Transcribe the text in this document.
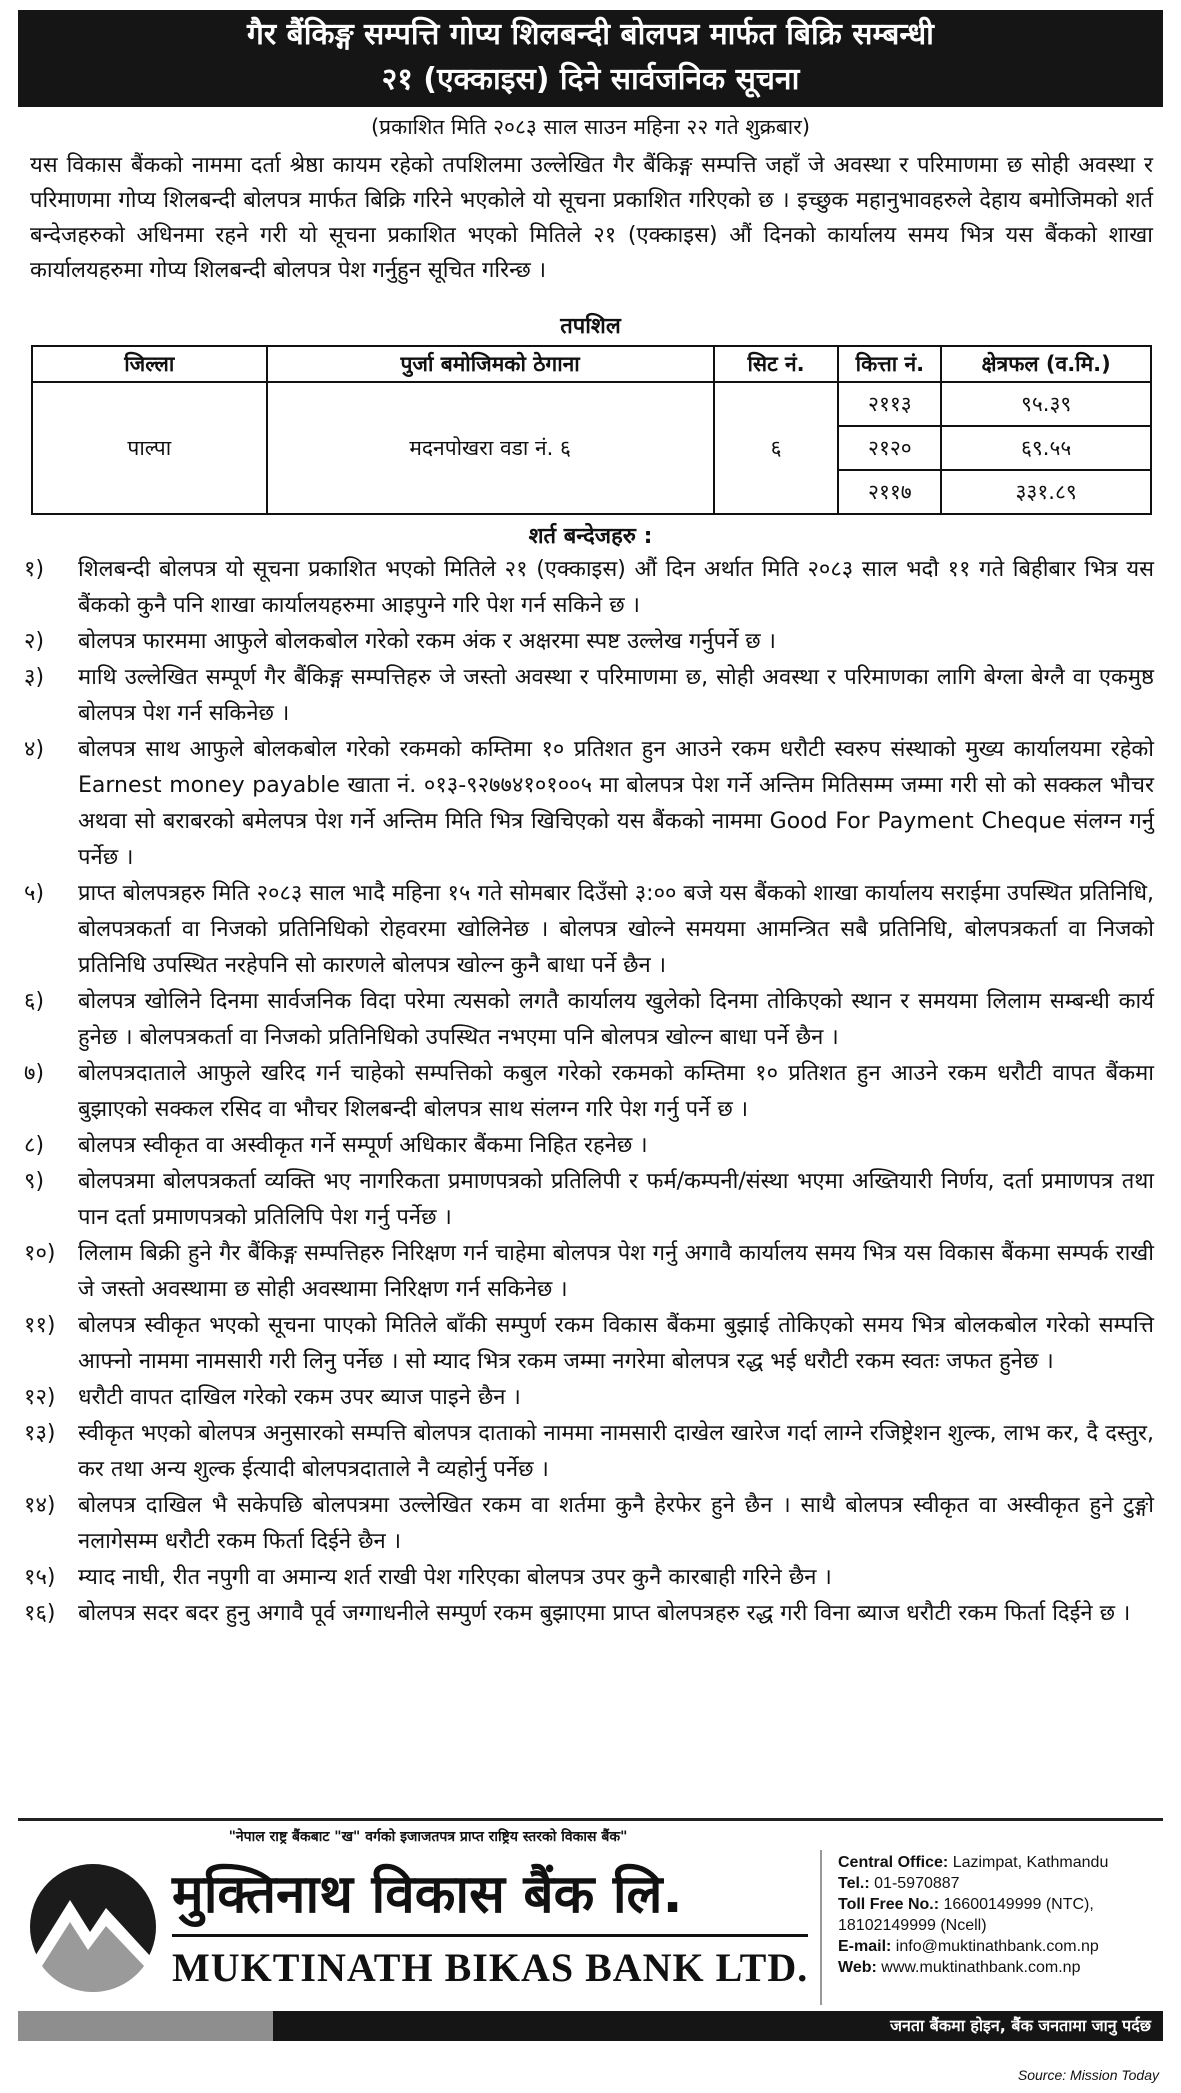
गैर बैंकिङ्ग सम्पत्ति गोप्य शिलबन्दी बोलपत्र मार्फत बिक्रि सम्बन्धी
२१ (एक्काइस) दिने सार्वजनिक सूचना
(प्रकाशित मिति २०८३ साल साउन महिना २२ गते शुक्रबार)

यस विकास बैंकको नाममा दर्ता श्रेष्ठा कायम रहेको तपशिलमा उल्लेखित गैर बैंकिङ्ग सम्पत्ति जहाँ जे अवस्था र परिमाणमा छ सोही अवस्था र परिमाणमा गोप्य शिलबन्दी बोलपत्र मार्फत बिक्रि गरिने भएकोले यो सूचना प्रकाशित गरिएको छ । इच्छुक महानुभावहरुले देहाय बमोजिमको शर्त बन्देजहरुको अधिनमा रहने गरी यो सूचना प्रकाशित भएको मितिले २१ (एक्काइस) औं दिनको कार्यालय समय भित्र यस बैंकको शाखा कार्यालयहरुमा गोप्य शिलबन्दी बोलपत्र पेश गर्नुहुन सूचित गरिन्छ ।

तपशिल
जिल्ला	पुर्जा बमोजिमको ठेगाना	सिट नं.	कित्ता नं.	क्षेत्रफल (व.मि.)
पाल्पा	मदनपोखरा वडा नं. ६	६	२११३	९५.३९
			२१२०	६९.५५
			२११७	३३१.८९
शर्त बन्देजहरु :
१)	शिलबन्दी बोलपत्र यो सूचना प्रकाशित भएको मितिले २१ (एक्काइस) औं दिन अर्थात मिति २०८३ साल भदौ ११ गते बिहीबार भित्र यस बैंकको कुनै पनि शाखा कार्यालयहरुमा आइपुग्ने गरि पेश गर्न सकिने छ ।
२)	बोलपत्र फारममा आफुले बोलकबोल गरेको रकम अंक र अक्षरमा स्पष्ट उल्लेख गर्नुपर्ने छ ।
३)	माथि उल्लेखित सम्पूर्ण गैर बैंकिङ्ग सम्पत्तिहरु जे जस्तो अवस्था र परिमाणमा छ, सोही अवस्था र परिमाणका लागि बेग्ला बेग्लै वा एकमुष्ठ बोलपत्र पेश गर्न सकिनेछ ।
४)	बोलपत्र साथ आफुले बोलकबोल गरेको रकमको कम्तिमा १० प्रतिशत हुन आउने रकम धरौटी स्वरुप संस्थाको मुख्य कार्यालयमा रहेको Earnest money payable खाता नं. ०१३-९२७७४१०१००५ मा बोलपत्र पेश गर्ने अन्तिम मितिसम्म जम्मा गरी सो को सक्कल भौचर अथवा सो बराबरको बमेलपत्र पेश गर्ने अन्तिम मिति भित्र खिचिएको यस बैंकको नाममा Good For Payment Cheque संलग्न गर्नु पर्नेछ ।
५)	प्राप्त बोलपत्रहरु मिति २०८३ साल भादै महिना १५ गते सोमबार दिउँसो ३:०० बजे यस बैंकको शाखा कार्यालय सराईमा उपस्थित प्रतिनिधि, बोलपत्रकर्ता वा निजको प्रतिनिधिको रोहवरमा खोलिनेछ । बोलपत्र खोल्ने समयमा आमन्त्रित सबै प्रतिनिधि, बोलपत्रकर्ता वा निजको प्रतिनिधि उपस्थित नरहेपनि सो कारणले बोलपत्र खोल्न कुनै बाधा पर्ने छैन ।
६)	बोलपत्र खोलिने दिनमा सार्वजनिक विदा परेमा त्यसको लगतै कार्यालय खुलेको दिनमा तोकिएको स्थान र समयमा लिलाम सम्बन्धी कार्य हुनेछ । बोलपत्रकर्ता वा निजको प्रतिनिधिको उपस्थित नभएमा पनि बोलपत्र खोल्न बाधा पर्ने छैन ।
७)	बोलपत्रदाताले आफुले खरिद गर्न चाहेको सम्पत्तिको कबुल गरेको रकमको कम्तिमा १० प्रतिशत हुन आउने रकम धरौटी वापत बैंकमा बुझाएको सक्कल रसिद वा भौचर शिलबन्दी बोलपत्र साथ संलग्न गरि पेश गर्नु पर्ने छ ।
८)	बोलपत्र स्वीकृत वा अस्वीकृत गर्ने सम्पूर्ण अधिकार बैंकमा निहित रहनेछ ।
९)	बोलपत्रमा बोलपत्रकर्ता व्यक्ति भए नागरिकता प्रमाणपत्रको प्रतिलिपी र फर्म/कम्पनी/संस्था भएमा अख्तियारी निर्णय, दर्ता प्रमाणपत्र तथा पान दर्ता प्रमाणपत्रको प्रतिलिपि पेश गर्नु पर्नेछ ।
१०)	लिलाम बिक्री हुने गैर बैंकिङ्ग सम्पत्तिहरु निरिक्षण गर्न चाहेमा बोलपत्र पेश गर्नु अगावै कार्यालय समय भित्र यस विकास बैंकमा सम्पर्क राखी जे जस्तो अवस्थामा छ सोही अवस्थामा निरिक्षण गर्न सकिनेछ ।
११)	बोलपत्र स्वीकृत भएको सूचना पाएको मितिले बाँकी सम्पुर्ण रकम विकास बैंकमा बुझाई तोकिएको समय भित्र बोलकबोल गरेको सम्पत्ति आफ्नो नाममा नामसारी गरी लिनु पर्नेछ । सो म्याद भित्र रकम जम्मा नगरेमा बोलपत्र रद्ध भई धरौटी रकम स्वतः जफत हुनेछ ।
१२)	धरौटी वापत दाखिल गरेको रकम उपर ब्याज पाइने छैन ।
१३)	स्वीकृत भएको बोलपत्र अनुसारको सम्पत्ति बोलपत्र दाताको नाममा नामसारी दाखेल खारेज गर्दा लाग्ने रजिष्ट्रेशन शुल्क, लाभ कर, दै दस्तुर, कर तथा अन्य शुल्क ईत्यादी बोलपत्रदाताले नै व्यहोर्नु पर्नेछ ।
१४)	बोलपत्र दाखिल भै सकेपछि बोलपत्रमा उल्लेखित रकम वा शर्तमा कुनै हेरफेर हुने छैन । साथै बोलपत्र स्वीकृत वा अस्वीकृत हुने टुङ्गो नलागेसम्म धरौटी रकम फिर्ता दिईने छैन ।
१५)	म्याद नाघी, रीत नपुगी वा अमान्य शर्त राखी पेश गरिएका बोलपत्र उपर कुनै कारबाही गरिने छैन ।
१६)	बोलपत्र सदर बदर हुनु अगावै पूर्व जग्गाधनीले सम्पुर्ण रकम बुझाएमा प्राप्त बोलपत्रहरु रद्ध गरी विना ब्याज धरौटी रकम फिर्ता दिईने छ ।
"नेपाल राष्ट्र बैंकबाट "ख" वर्गको इजाजतपत्र प्राप्त राष्ट्रिय स्तरको विकास बैंक"
मुक्तिनाथ विकास बैंक लि.
MUKTINATH BIKAS BANK LTD.
Central Office: Lazimpat, Kathmandu
Tel.: 01-5970887
Toll Free No.: 16600149999 (NTC),
18102149999 (Ncell)
E-mail: info@muktinathbank.com.np
Web: www.muktinathbank.com.np
जनता बैंकमा होइन, बैंक जनतामा जानु पर्दछ
Source: Mission Today
